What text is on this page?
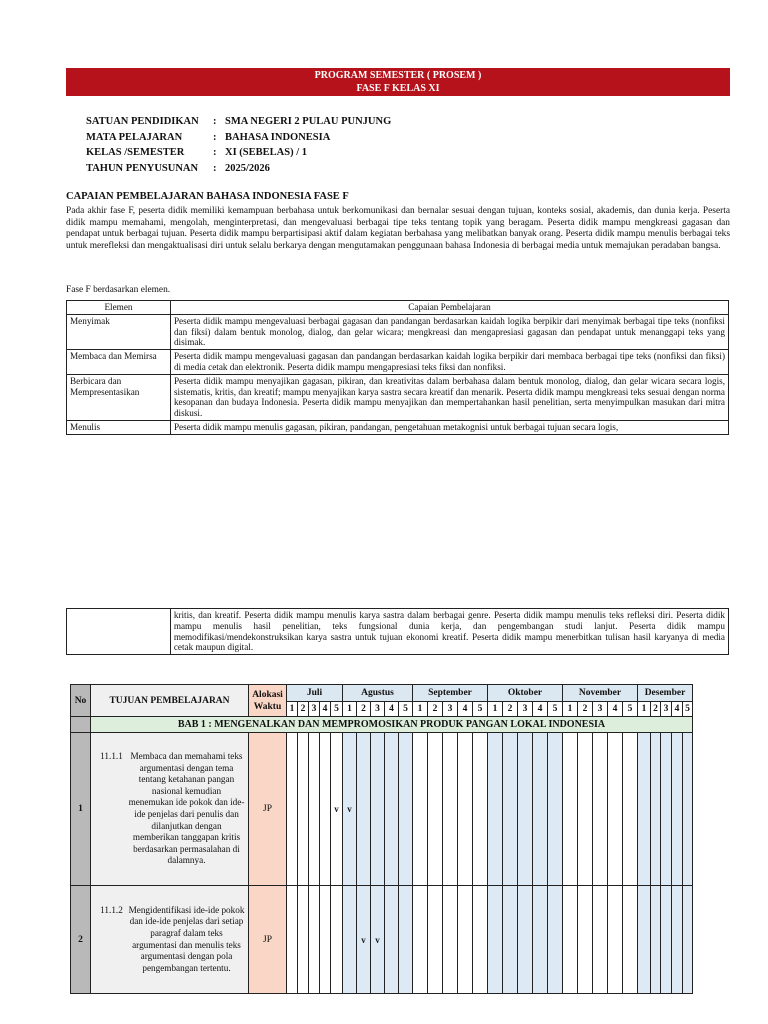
PROGRAM SEMESTER ( PROSEM )
FASE F KELAS XI
SATUAN PENDIDIKAN	: SMA NEGERI 2 PULAU PUNJUNG
MATA PELAJARAN	: BAHASA INDONESIA
KELAS /SEMESTER	: XI (SEBELAS) / 1
TAHUN PENYUSUNAN	: 2025/2026
CAPAIAN PEMBELAJARAN BAHASA INDONESIA FASE F
Pada akhir fase F, peserta didik memiliki kemampuan berbahasa untuk berkomunikasi dan bernalar sesuai dengan tujuan, konteks sosial, akademis, dan dunia kerja. Peserta didik mampu memahami, mengolah, menginterpretasi, dan mengevaluasi berbagai tipe teks tentang topik yang beragam. Peserta didik mampu mengkreasi gagasan dan pendapat untuk berbagai tujuan. Peserta didik mampu berpartisipasi aktif dalam kegiatan berbahasa yang melibatkan banyak orang. Peserta didik mampu menulis berbagai teks untuk merefleksi dan mengaktualisasi diri untuk selalu berkarya dengan mengutamakan penggunaan bahasa Indonesia di berbagai media untuk memajukan peradaban bangsa.
Fase F berdasarkan elemen.
Elemen	Capaian Pembelajaran
Menyimak	Peserta didik mampu mengevaluasi berbagai gagasan dan pandangan berdasarkan kaidah logika berpikir dari menyimak berbagai tipe teks (nonfiksi dan fiksi) dalam bentuk monolog, dialog, dan gelar wicara; mengkreasi dan mengapresiasi gagasan dan pendapat untuk menanggapi teks yang disimak.
Membaca dan Memirsa	Peserta didik mampu mengevaluasi gagasan dan pandangan berdasarkan kaidah logika berpikir dari membaca berbagai tipe teks (nonfiksi dan fiksi) di media cetak dan elektronik. Peserta didik mampu mengapresiasi teks fiksi dan nonfiksi.
Berbicara dan Mempresentasikan	Peserta didik mampu menyajikan gagasan, pikiran, dan kreativitas dalam berbahasa dalam bentuk monolog, dialog, dan gelar wicara secara logis, sistematis, kritis, dan kreatif; mampu menyajikan karya sastra secara kreatif dan menarik. Peserta didik mampu mengkreasi teks sesuai dengan norma kesopanan dan budaya Indonesia. Peserta didik mampu menyajikan dan mempertahankan hasil penelitian, serta menyimpulkan masukan dari mitra diskusi.
Menulis	Peserta didik mampu menulis gagasan, pikiran, pandangan, pengetahuan metakognisi untuk berbagai tujuan secara logis,
	kritis, dan kreatif. Peserta didik mampu menulis karya sastra dalam berbagai genre. Peserta didik mampu menulis teks refleksi diri. Peserta didik mampu menulis hasil penelitian, teks fungsional dunia kerja, dan pengembangan studi lanjut. Peserta didik mampu memodifikasi/mendekonstruksikan karya sastra untuk tujuan ekonomi kreatif. Peserta didik mampu menerbitkan tulisan hasil karyanya di media cetak maupun digital.
No	TUJUAN PEMBELAJARAN	Alokasi Waktu	Juli					Agustus					September					Oktober					November					Desember				
			1	2	3	4	5	1	2	3	4	5	1	2	3	4	5	1	2	3	4	5	1	2	3	4	5	1	2	3	4	5
	BAB 1 : MENGENALKAN DAN MEMPROMOSIKAN PRODUK PANGAN LOKAL INDONESIA																															
1	11.1.1 Membaca dan memahami teks argumentasi dengan tema tentang ketahanan pangan nasional kemudian menemukan ide pokok dan ide-ide penjelas dari penulis dan dilanjutkan dengan memberikan tanggapan kritis berdasarkan permasalahan di dalamnya.	JP					v	v																								
2	11.1.2 Mengidentifikasi ide-ide pokok dan ide-ide penjelas dari setiap paragraf dalam teks argumentasi dan menulis teks argumentasi dengan pola pengembangan tertentu.	JP							v	v																						
